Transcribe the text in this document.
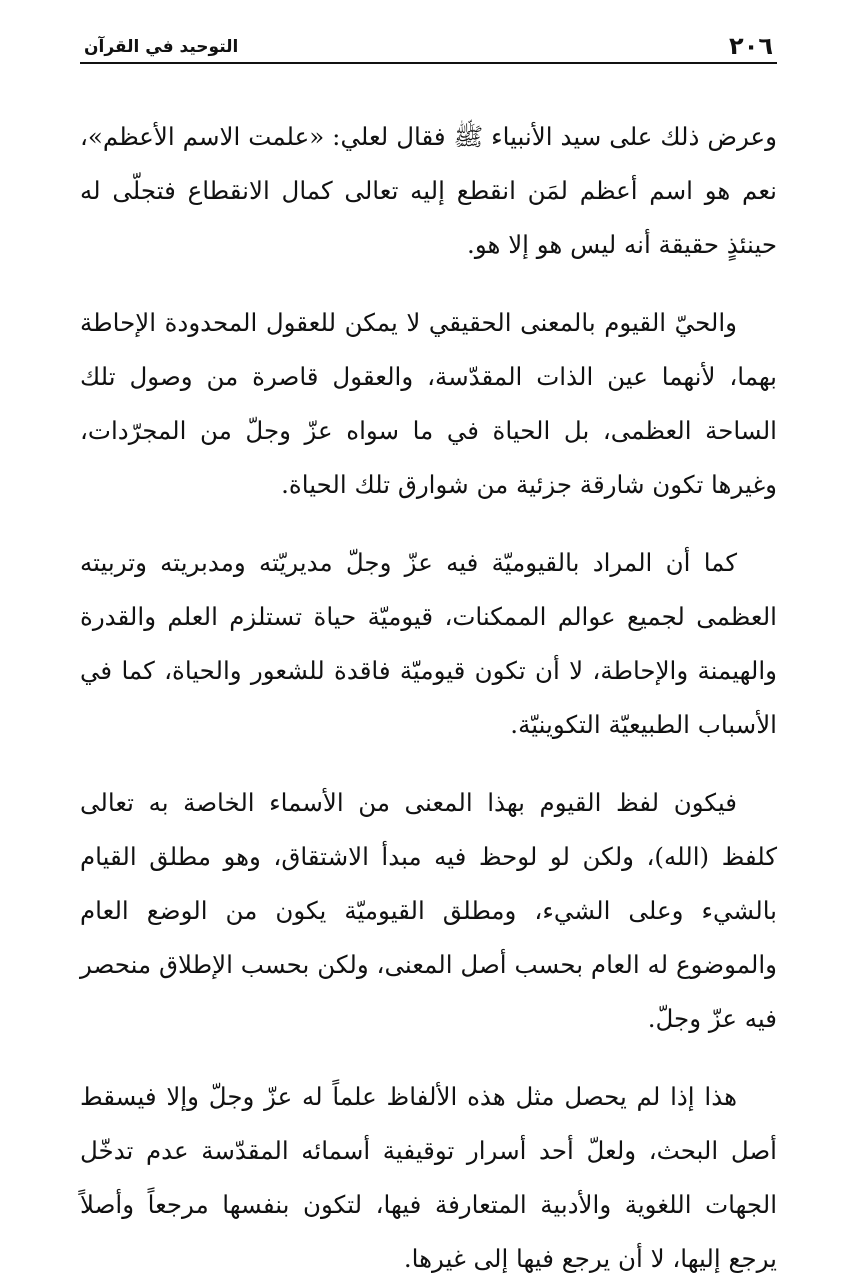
٢٠٦
التوحيد في القرآن

وعرض ذلك على سيد الأنبياء ﷺ فقال لعلي: «علمت الاسم الأعظم»، نعم هو اسم أعظم لمَن انقطع إليه تعالى كمال الانقطاع فتجلّى له حينئذٍ حقيقة أنه ليس هو إلا هو.

والحيّ القيوم بالمعنى الحقيقي لا يمكن للعقول المحدودة الإحاطة بهما، لأنهما عين الذات المقدّسة، والعقول قاصرة من وصول تلك الساحة العظمى، بل الحياة في ما سواه عزّ وجلّ من المجرّدات، وغيرها تكون شارقة جزئية من شوارق تلك الحياة.

كما أن المراد بالقيوميّة فيه عزّ وجلّ مديريّته ومدبريته وتربيته العظمى لجميع عوالم الممكنات، قيوميّة حياة تستلزم العلم والقدرة والهيمنة والإحاطة، لا أن تكون قيوميّة فاقدة للشعور والحياة، كما في الأسباب الطبيعيّة التكوينيّة.

فيكون لفظ القيوم بهذا المعنى من الأسماء الخاصة به تعالى كلفظ (الله)، ولكن لو لوحظ فيه مبدأ الاشتقاق، وهو مطلق القيام بالشيء وعلى الشيء، ومطلق القيوميّة يكون من الوضع العام والموضوع له العام بحسب أصل المعنى، ولكن بحسب الإطلاق منحصر فيه عزّ وجلّ.

هذا إذا لم يحصل مثل هذه الألفاظ علماً له عزّ وجلّ وإلا فيسقط أصل البحث، ولعلّ أحد أسرار توقيفية أسمائه المقدّسة عدم تدخّل الجهات اللغوية والأدبية المتعارفة فيها، لتكون بنفسها مرجعاً وأصلاً يرجع إليها، لا أن يرجع فيها إلى غيرها.
